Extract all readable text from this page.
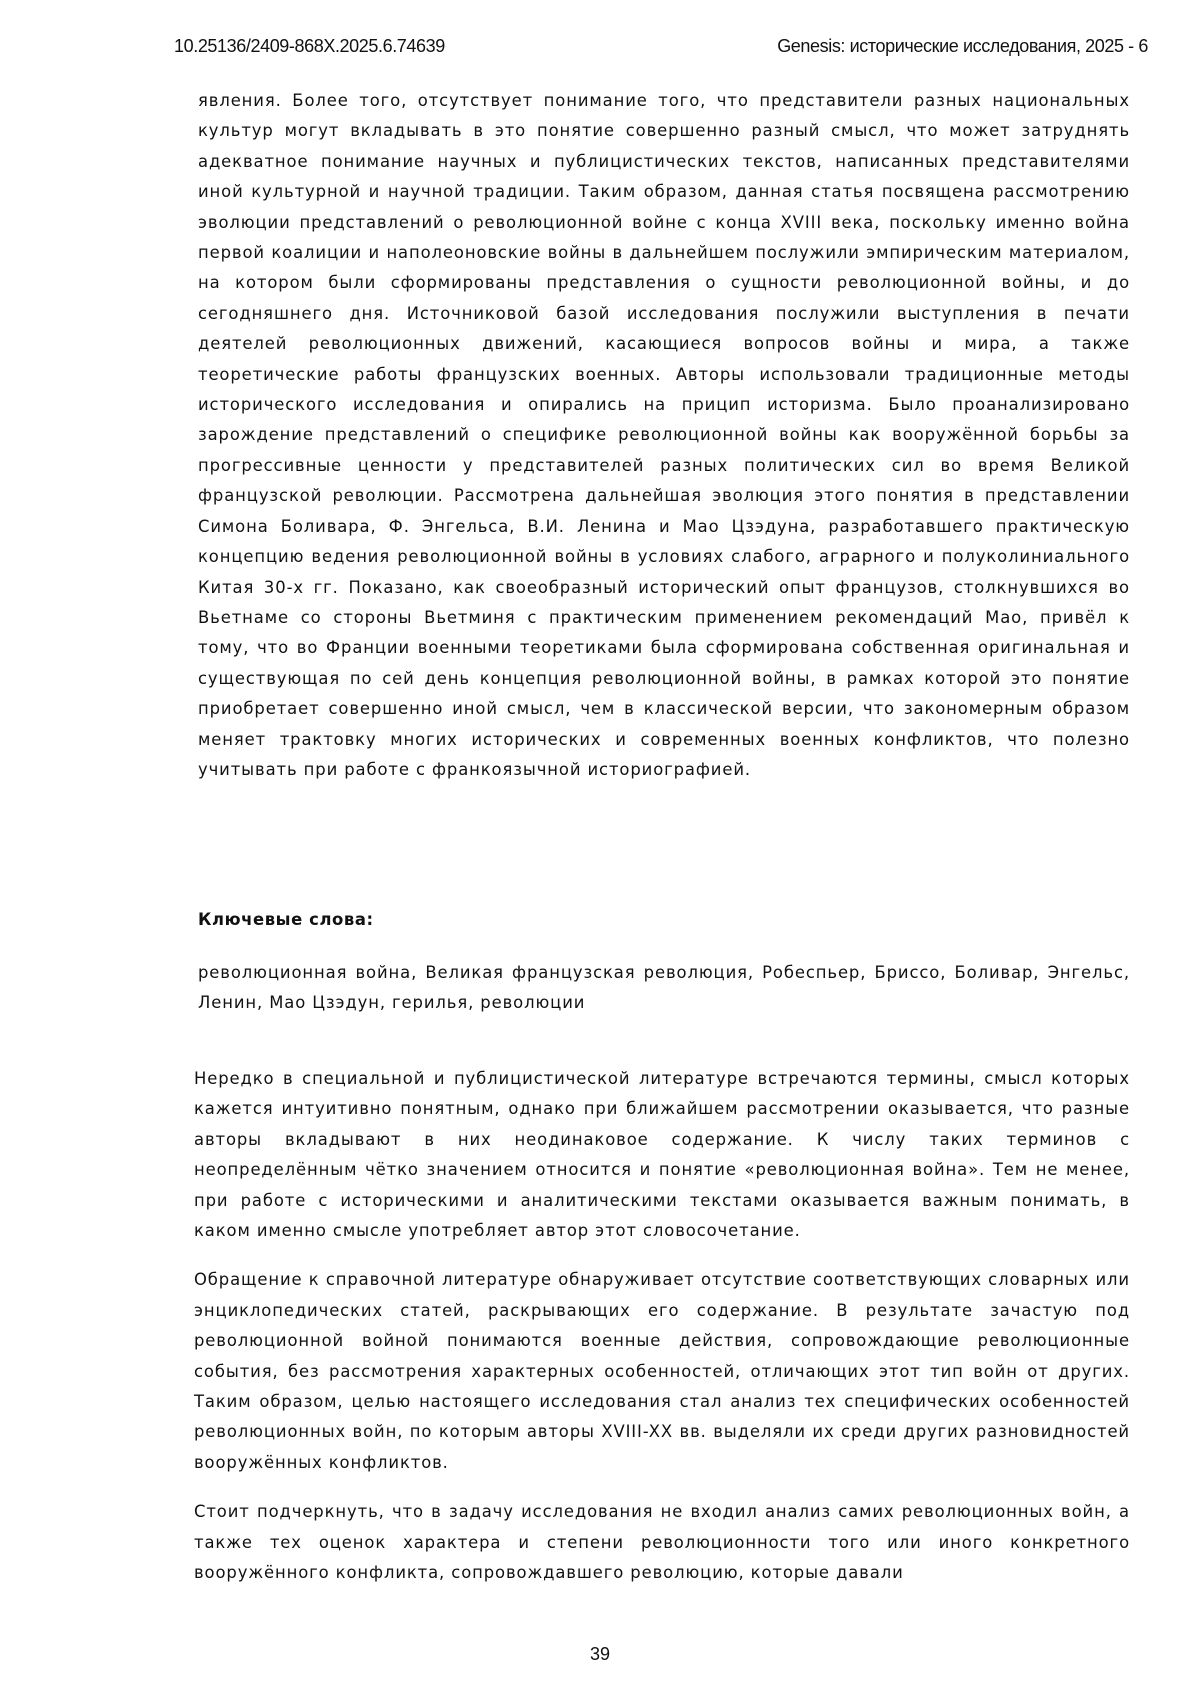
10.25136/2409-868X.2025.6.74639	Genesis: исторические исследования, 2025 - 6

явления. Более того, отсутствует понимание того, что представители разных национальных культур могут вкладывать в это понятие совершенно разный смысл, что может затруднять адекватное понимание научных и публицистических текстов, написанных представителями иной культурной и научной традиции. Таким образом, данная статья посвящена рассмотрению эволюции представлений о революционной войне с конца XVIII века, поскольку именно война первой коалиции и наполеоновские войны в дальнейшем послужили эмпирическим материалом, на котором были сформированы представления о сущности революционной войны, и до сегодняшнего дня. Источниковой базой исследования послужили выступления в печати деятелей революционных движений, касающиеся вопросов войны и мира, а также теоретические работы французских военных. Авторы использовали традиционные методы исторического исследования и опирались на прицип историзма. Было проанализировано зарождение представлений о специфике революционной войны как вооружённой борьбы за прогрессивные ценности у представителей разных политических сил во время Великой французской революции. Рассмотрена дальнейшая эволюция этого понятия в представлении Симона Боливара, Ф. Энгельса, В.И. Ленина и Мао Цзэдуна, разработавшего практическую концепцию ведения революционной войны в условиях слабого, аграрного и полуколиниального Китая 30-х гг. Показано, как своеобразный исторический опыт французов, столкнувшихся во Вьетнаме со стороны Вьетминя с практическим применением рекомендаций Мао, привёл к тому, что во Франции военными теоретиками была сформирована собственная оригинальная и существующая по сей день концепция революционной войны, в рамках которой это понятие приобретает совершенно иной смысл, чем в классической версии, что закономерным образом меняет трактовку многих исторических и современных военных конфликтов, что полезно учитывать при работе с франкоязычной историографией.

Ключевые слова:

революционная война, Великая французская революция, Робеспьер, Бриссо, Боливар, Энгельс, Ленин, Мао Цзэдун, герилья, революции

Нередко в специальной и публицистической литературе встречаются термины, смысл которых кажется интуитивно понятным, однако при ближайшем рассмотрении оказывается, что разные авторы вкладывают в них неодинаковое содержание. К числу таких терминов с неопределённым чётко значением относится и понятие «революционная война». Тем не менее, при работе с историческими и аналитическими текстами оказывается важным понимать, в каком именно смысле употребляет автор этот словосочетание.

Обращение к справочной литературе обнаруживает отсутствие соответствующих словарных или энциклопедических статей, раскрывающих его содержание. В результате зачастую под революционной войной понимаются военные действия, сопровождающие революционные события, без рассмотрения характерных особенностей, отличающих этот тип войн от других. Таким образом, целью настоящего исследования стал анализ тех специфических особенностей революционных войн, по которым авторы XVIII-XX вв. выделяли их среди других разновидностей вооружённых конфликтов.

Стоит подчеркнуть, что в задачу исследования не входил анализ самих революционных войн, а также тех оценок характера и степени революционности того или иного конкретного вооружённого конфликта, сопровождавшего революцию, которые давали

39
